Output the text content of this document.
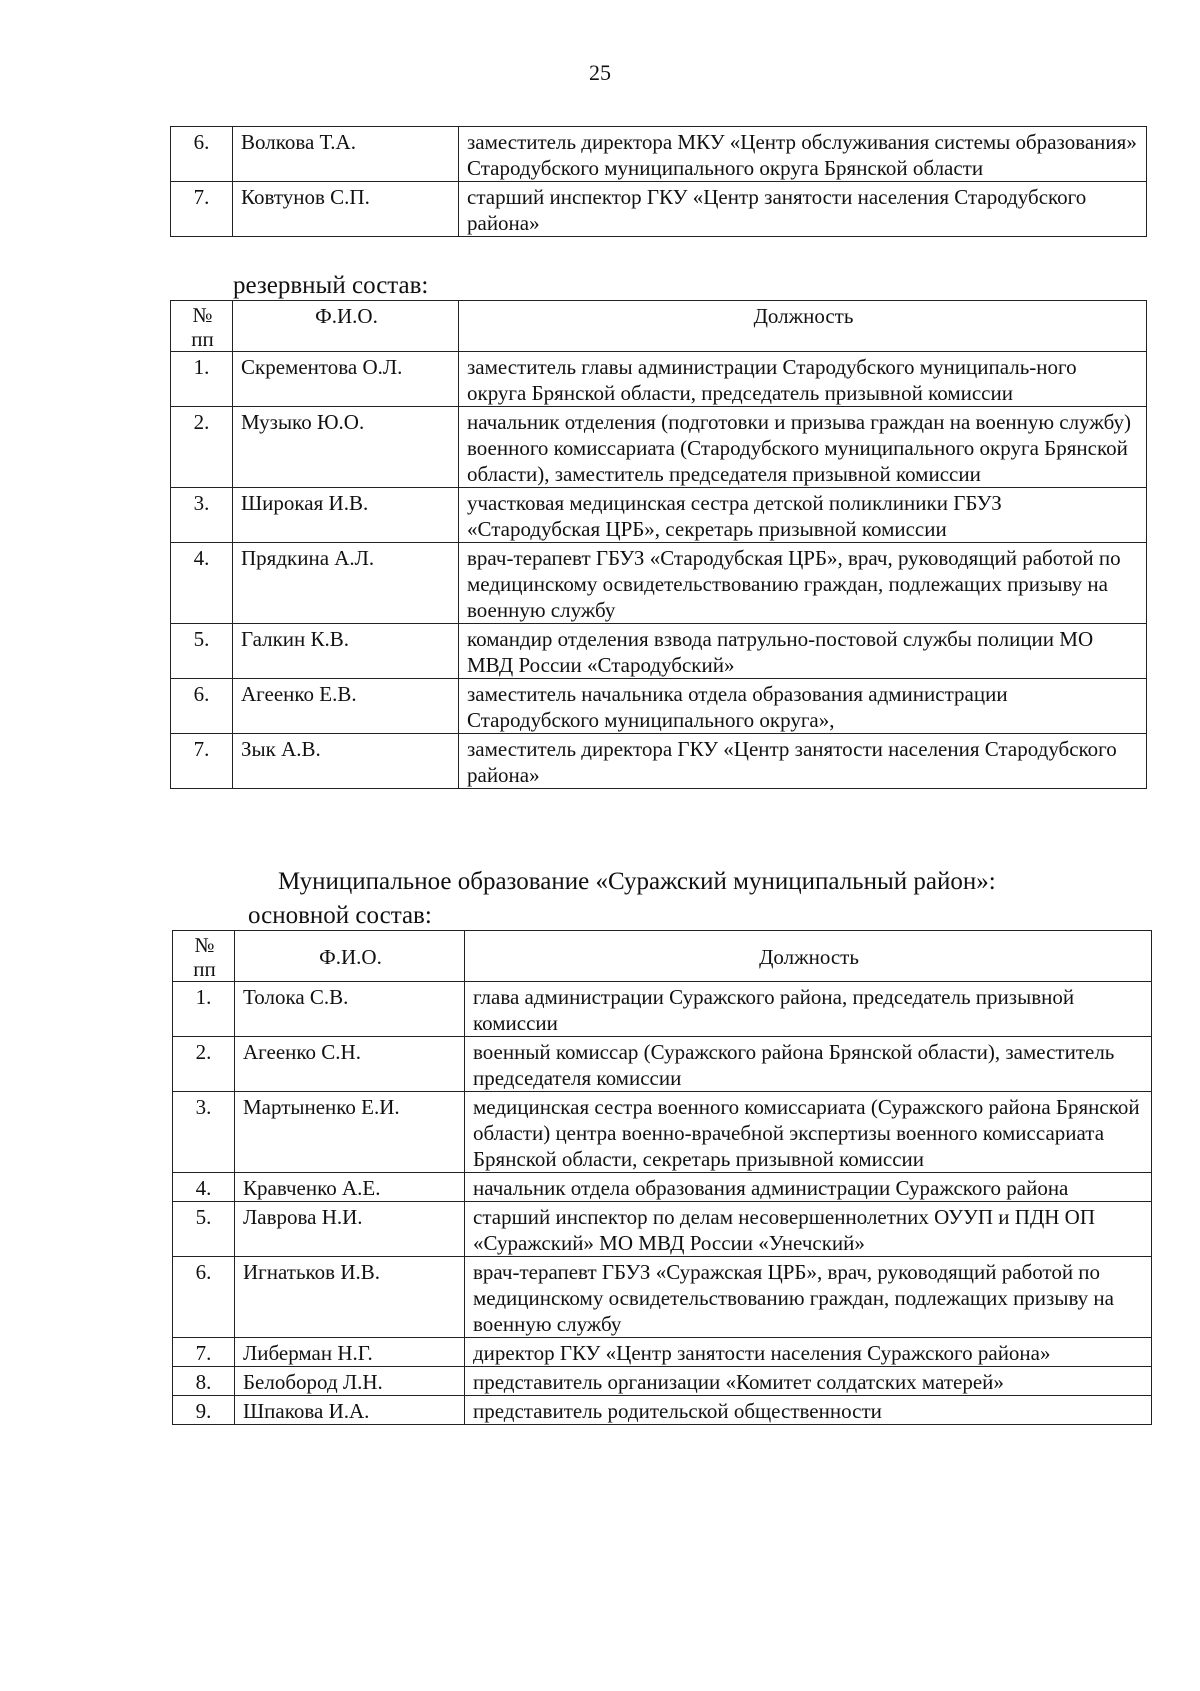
25
6.	Волкова Т.А.	заместитель директора МКУ «Центр обслуживания системы образования» Стародубского муниципального округа Брянской области
7.	Ковтунов С.П.	старший инспектор ГКУ «Центр занятости населения Стародубского района»
резервный состав:
№ пп	Ф.И.О.	Должность
1.	Скрементова О.Л.	заместитель главы администрации Стародубского муниципаль-ного округа Брянской области, председатель призывной комиссии
2.	Музыко Ю.О.	начальник отделения (подготовки и призыва граждан на военную службу) военного комиссариата (Стародубского муниципального округа Брянской области), заместитель председателя призывной комиссии
3.	Широкая И.В.	участковая медицинская сестра детской поликлиники ГБУЗ «Стародубская ЦРБ», секретарь призывной комиссии
4.	Прядкина А.Л.	врач-терапевт ГБУЗ «Стародубская ЦРБ», врач, руководящий работой по медицинскому освидетельствованию граждан, подлежащих призыву на военную службу
5.	Галкин К.В.	командир отделения взвода патрульно-постовой службы полиции МО МВД России «Стародубский»
6.	Агеенко Е.В.	заместитель начальника отдела образования администрации Стародубского муниципального округа»,
7.	Зык А.В.	заместитель директора ГКУ «Центр занятости населения Стародубского района»
Муниципальное образование «Суражский муниципальный район»:
основной состав:
№ пп	Ф.И.О.	Должность
1.	Толока С.В.	глава администрации Суражского района, председатель призывной комиссии
2.	Агеенко С.Н.	военный комиссар (Суражского района Брянской области), заместитель председателя комиссии
3.	Мартыненко Е.И.	медицинская сестра военного комиссариата (Суражского района Брянской области) центра военно-врачебной экспертизы военного комиссариата Брянской области, секретарь призывной комиссии
4.	Кравченко А.Е.	начальник отдела образования администрации Суражского района
5.	Лаврова Н.И.	старший инспектор по делам несовершеннолетних ОУУП и ПДН ОП «Суражский» МО МВД России «Унечский»
6.	Игнатьков И.В.	врач-терапевт ГБУЗ «Суражская ЦРБ», врач, руководящий работой по медицинскому освидетельствованию граждан, подлежащих призыву на военную службу
7.	Либерман Н.Г.	директор ГКУ «Центр занятости населения Суражского района»
8.	Белобород Л.Н.	представитель организации «Комитет солдатских матерей»
9.	Шпакова И.А.	представитель родительской общественности
